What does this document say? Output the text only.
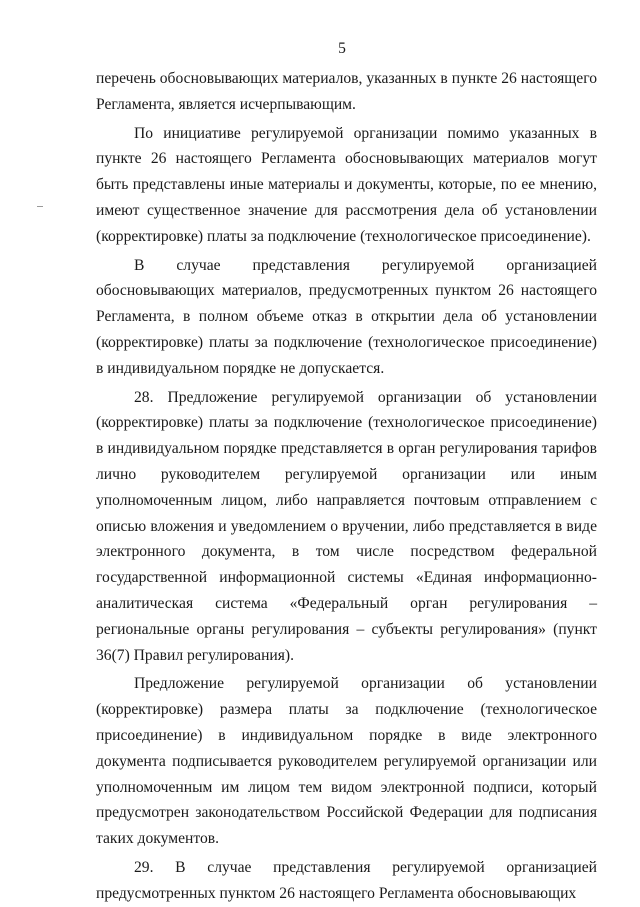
5

перечень обосновывающих материалов, указанных в пункте 26 настоящего Регламента, является исчерпывающим.

По инициативе регулируемой организации помимо указанных в пункте 26 настоящего Регламента обосновывающих материалов могут быть представлены иные материалы и документы, которые, по ее мнению, имеют существенное значение для рассмотрения дела об установлении (корректировке) платы за подключение (технологическое присоединение).

В случае представления регулируемой организацией обосновывающих материалов, предусмотренных пунктом 26 настоящего Регламента, в полном объеме отказ в открытии дела об установлении (корректировке) платы за подключение (технологическое присоединение) в индивидуальном порядке не допускается.

28. Предложение регулируемой организации об установлении (корректировке) платы за подключение (технологическое присоединение) в индивидуальном порядке представляется в орган регулирования тарифов лично руководителем регулируемой организации или иным уполномоченным лицом, либо направляется почтовым отправлением с описью вложения и уведомлением о вручении, либо представляется в виде электронного документа, в том числе посредством федеральной государственной информационной системы «Единая информационно-аналитическая система «Федеральный орган регулирования – региональные органы регулирования – субъекты регулирования» (пункт 36(7) Правил регулирования).

Предложение регулируемой организации об установлении (корректировке) размера платы за подключение (технологическое присоединение) в индивидуальном порядке в виде электронного документа подписывается руководителем регулируемой организации или уполномоченным им лицом тем видом электронной подписи, который предусмотрен законодательством Российской Федерации для подписания таких документов.

29. В случае представления регулируемой организацией предусмотренных пунктом 26 настоящего Регламента обосновывающих
